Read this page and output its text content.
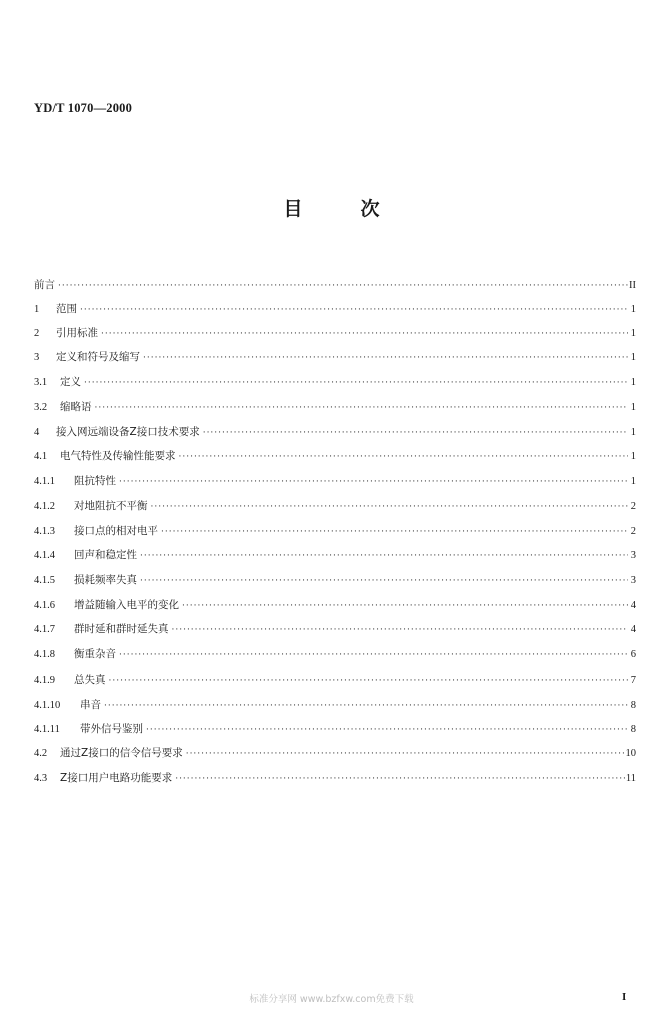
YD/T 1070—2000
目	次
前言 ·····	II
1	范围 ·····	1
2	引用标准 ·····	1
3	定义和符号及缩写 ·····	1
3.1	定义 ·····	1
3.2	缩略语 ·····	1
4	接入网远端设备Z接口技术要求 ·····	1
4.1	电气特性及传输性能要求 ·····	1
4.1.1	阻抗特性 ·····	1
4.1.2	对地阻抗不平衡 ·····	2
4.1.3	接口点的相对电平 ·····	2
4.1.4	回声和稳定性 ·····	3
4.1.5	损耗频率失真 ·····	3
4.1.6	增益随输入电平的变化 ·····	4
4.1.7	群时延和群时延失真 ·····	4
4.1.8	衡重杂音 ·····	6
4.1.9	总失真 ·····	7
4.1.10	串音 ·····	8
4.1.11	带外信号鉴别 ·····	8
4.2	通过Z接口的信令信号要求 ·····	10
4.3	Z接口用户电路功能要求 ·····	11
标准分享网 www.bzfxw.com免费下载	I
